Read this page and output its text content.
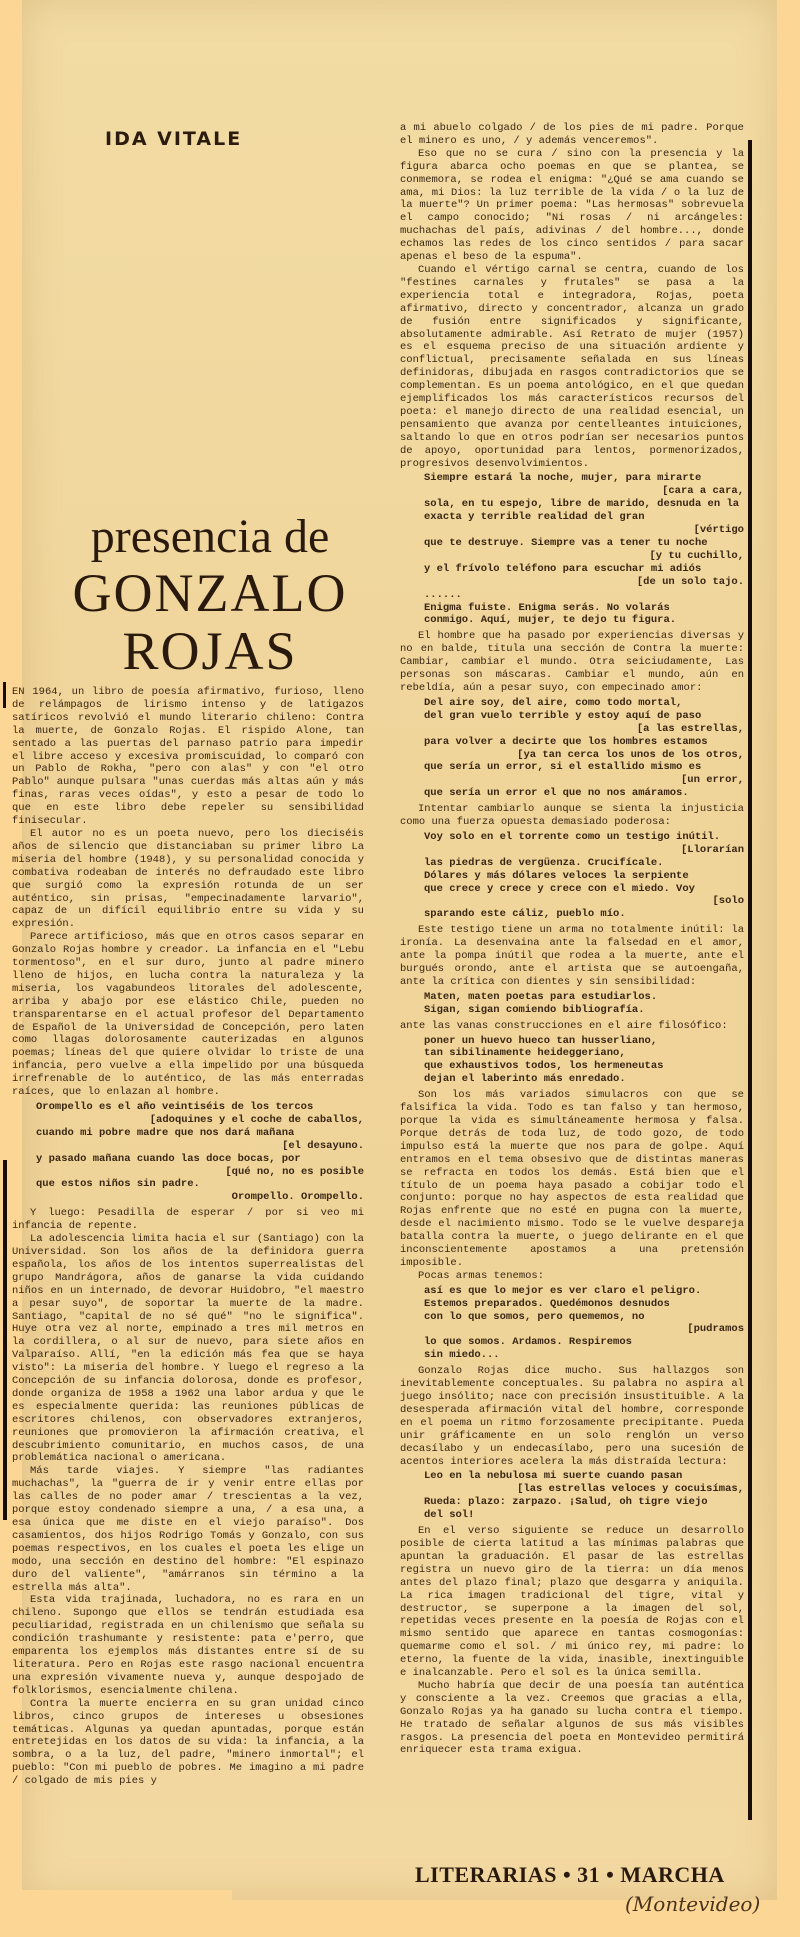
IDA VITALE
presencia de
GONZALO
ROJAS

EN 1964, un libro de poesía afirmativo, furioso, lleno de relámpagos de lirismo intenso y de latigazos satíricos revolvió el mundo literario chileno: Contra la muerte, de Gonzalo Rojas. El rispido Alone, tan sentado a las puertas del parnaso patrio para impedir el libre acceso y excesiva promiscuidad, lo comparó con un Pablo de Rokha, "pero con alas" y con "el otro Pablo" aunque pulsara "unas cuerdas más altas aún y más finas, raras veces oídas", y esto a pesar de todo lo que en este libro debe repeler su sensibilidad finisecular.

El autor no es un poeta nuevo, pero los dieciséis años de silencio que distanciaban su primer libro La miseria del hombre (1948), y su personalidad conocida y combativa rodeaban de interés no defraudado este libro que surgió como la expresión rotunda de un ser auténtico, sin prisas, "empecinadamente larvario", capaz de un difícil equilibrio entre su vida y su expresión.

Parece artificioso, más que en otros casos separar en Gonzalo Rojas hombre y creador. La infancia en el "Lebu tormentoso", en el sur duro, junto al padre minero lleno de hijos, en lucha contra la naturaleza y la miseria, los vagabundeos litorales del adolescente, arriba y abajo por ese elástico Chile, pueden no transparentarse en el actual profesor del Departamento de Español de la Universidad de Concepción, pero laten como llagas dolorosamente cauterizadas en algunos poemas; líneas del que quiere olvidar lo triste de una infancia, pero vuelve a ella impelido por una búsqueda irrefrenable de lo auténtico, de las más enterradas raíces, que lo enlazan al hombre.

Orompello es el año veintiséis de los tercos
[adoquines y el coche de caballos,
cuando mi pobre madre que nos dará mañana
[el desayuno.
y pasado mañana cuando las doce bocas, por
[qué no, no es posible
que estos niños sin padre.
Orompello. Orompello.

Y luego: Pesadilla de esperar / por si veo mi infancia de repente.

La adolescencia limita hacia el sur (Santiago) con la Universidad. Son los años de la definidora guerra española, los años de los intentos superrealistas del grupo Mandrágora, años de ganarse la vida cuidando niños en un internado, de devorar Huidobro, "el maestro a pesar suyo", de soportar la muerte de la madre. Santiago, "capital de no sé qué" "no le significa". Huye otra vez al norte, empinado a tres mil metros en la cordillera, o al sur de nuevo, para siete años en Valparaíso. Allí, "en la edición más fea que se haya visto": La miseria del hombre. Y luego el regreso a la Concepción de su infancia dolorosa, donde es profesor, donde organiza de 1958 a 1962 una labor ardua y que le es especialmente querida: las reuniones públicas de escritores chilenos, con observadores extranjeros, reuniones que promovieron la afirmación creativa, el descubrimiento comunitario, en muchos casos, de una problemática nacional o americana.

Más tarde viajes. Y siempre "las radiantes muchachas", la "guerra de ir y venir entre ellas por las calles de no poder amar / trescientas a la vez, porque estoy condenado siempre a una, / a esa una, a esa única que me diste en el viejo paraíso". Dos casamientos, dos hijos Rodrigo Tomás y Gonzalo, con sus poemas respectivos, en los cuales el poeta les elige un modo, una sección en destino del hombre: "El espinazo duro del valiente", "amárranos sin término a la estrella más alta".

Esta vida trajinada, luchadora, no es rara en un chileno. Supongo que ellos se tendrán estudiada esa peculiaridad, registrada en un chilenismo que señala su condición trashumante y resistente: pata e'perro, que emparenta los ejemplos más distantes entre sí de su literatura. Pero en Rojas este rasgo nacional encuentra una expresión vivamente nueva y, aunque despojado de folklorismos, esencialmente chilena.

Contra la muerte encierra en su gran unidad cinco libros, cinco grupos de intereses u obsesiones temáticas. Algunas ya quedan apuntadas, porque están entretejidas en los datos de su vida: la infancia, a la sombra, o a la luz, del padre, "minero inmortal"; el pueblo: "Con mi pueblo de pobres. Me imagino a mi padre / colgado de mis pies y

a mi abuelo colgado / de los pies de mi padre. Porque el minero es uno, / y además venceremos".

Eso que no se cura / sino con la presencia y la figura abarca ocho poemas en que se plantea, se conmemora, se rodea el enigma: "¿Qué se ama cuando se ama, mi Dios: la luz terrible de la vida / o la luz de la muerte"? Un primer poema: "Las hermosas" sobrevuela el campo conocido; "Ni rosas / ni arcángeles: muchachas del país, adivinas / del hombre..., donde echamos las redes de los cinco sentidos / para sacar apenas el beso de la espuma".

Cuando el vértigo carnal se centra, cuando de los "festines carnales y frutales" se pasa a la experiencia total e integradora, Rojas, poeta afirmativo, directo y concentrador, alcanza un grado de fusión entre significados y significante, absolutamente admirable. Así Retrato de mujer (1957) es el esquema preciso de una situación ardiente y conflictual, precisamente señalada en sus líneas definidoras, dibujada en rasgos contradictorios que se complementan. Es un poema antológico, en el que quedan ejemplificados los más característicos recursos del poeta: el manejo directo de una realidad esencial, un pensamiento que avanza por centelleantes intuiciones, saltando lo que en otros podrían ser necesarios puntos de apoyo, oportunidad para lentos, pormenorizados, progresivos desenvolvimientos.

Siempre estará la noche, mujer, para mirarte
[cara a cara,
sola, en tu espejo, libre de marido, desnuda en la exacta y terrible realidad del gran
[vértigo
que te destruye. Siempre vas a tener tu noche
[y tu cuchillo,
y el frívolo teléfono para escuchar mi adiós
[de un solo tajo.
......
Enigma fuiste. Enigma serás. No volarás
conmigo. Aquí, mujer, te dejo tu figura.

El hombre que ha pasado por experiencias diversas y no en balde, titula una sección de Contra la muerte: Cambiar, cambiar el mundo. Otra seiciudamente, Las personas son máscaras. Cambiar el mundo, aún en rebeldía, aún a pesar suyo, con empecinado amor:

Del aire soy, del aire, como todo mortal,
del gran vuelo terrible y estoy aquí de paso
[a las estrellas,
para volver a decirte que los hombres estamos
[ya tan cerca los unos de los otros,
que sería un error, si el estallido mismo es
[un error,
que sería un error el que no nos amáramos.

Intentar cambiarlo aunque se sienta la injusticia como una fuerza opuesta demasiado poderosa:

Voy solo en el torrente como un testigo inútil.
[Llorarían
las piedras de vergüenza. Crucifícale.
Dólares y más dólares veloces la serpiente
que crece y crece y crece con el miedo. Voy
[solo
sparando este cáliz, pueblo mío.

Este testigo tiene un arma no totalmente inútil: la ironía. La desenvaina ante la falsedad en el amor, ante la pompa inútil que rodea a la muerte, ante el burgués orondo, ante el artista que se autoengaña, ante la crítica con dientes y sin sensibilidad:

Maten, maten poetas para estudiarlos.
Sigan, sigan comiendo bibliografía.

ante las vanas construcciones en el aire filosófico:

poner un huevo hueco tan husserliano,
tan sibilinamente heideggeriano,
que exhaustivos todos, los hermeneutas
dejan el laberinto más enredado.

Son los más variados simulacros con que se falsifica la vida. Todo es tan falso y tan hermoso, porque la vida es simultáneamente hermosa y falsa. Porque detrás de toda luz, de todo gozo, de todo impulso está la muerte que nos para de golpe. Aquí entramos en el tema obsesivo que de distintas maneras se refracta en todos los demás. Está bien que el título de un poema haya pasado a cobijar todo el conjunto: porque no hay aspectos de esta realidad que Rojas enfrente que no esté en pugna con la muerte, desde el nacimiento mismo. Todo se le vuelve despareja batalla contra la muerte, o juego delirante en el que inconscientemente apostamos a una pretensión imposible.

Pocas armas tenemos:

así es que lo mejor es ver claro el peligro.
Estemos preparados. Quedémonos desnudos
con lo que somos, pero quememos, no
[pudramos
lo que somos. Ardamos. Respiremos
sin miedo...

Gonzalo Rojas dice mucho. Sus hallazgos son inevitablemente conceptuales. Su palabra no aspira al juego insólito; nace con precisión insustituible. A la desesperada afirmación vital del hombre, corresponde en el poema un ritmo forzosamente precipitante. Pueda unir gráficamente en un solo renglón un verso decasílabo y un endecasílabo, pero una sucesión de acentos interiores acelera la más distraída lectura:

Leo en la nebulosa mi suerte cuando pasan
[las estrellas veloces y cocuisímas,
Rueda: plazo: zarpazo. ¡Salud, oh tigre viejo
del sol!

En el verso siguiente se reduce un desarrollo posible de cierta latitud a las mínimas palabras que apuntan la graduación. El pasar de las estrellas registra un nuevo giro de la tierra: un día menos antes del plazo final; plazo que desgarra y aniquila. La rica imagen tradicional del tigre, vital y destructor, se superpone a la imagen del sol, repetidas veces presente en la poesía de Rojas con el mismo sentido que aparece en tantas cosmogonías: quemarme como el sol. / mi único rey, mi padre: lo eterno, la fuente de la vida, inasible, inextinguible e inalcanzable. Pero el sol es la única semilla.

Mucho habría que decir de una poesía tan auténtica y consciente a la vez. Creemos que gracias a ella, Gonzalo Rojas ya ha ganado su lucha contra el tiempo. He tratado de señalar algunos de sus más visibles rasgos. La presencia del poeta en Montevideo permitirá enriquecer esta trama exigua.

LITERARIAS • 31 • MARCHA
(Montevideo)
